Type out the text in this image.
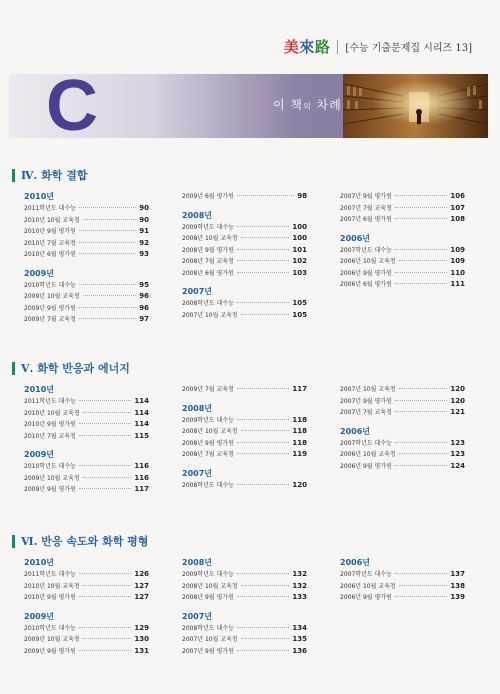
美來路 [수능 기출문제집 시리즈 13]
C	이 책의 차례
Ⅳ. 화학 결합
2010년
2011학년도 대수능	90
2010년 10월 교육청	90
2010년 9월 평가원	91
2010년 7월 교육청	92
2010년 6월 평가원	93
2009년
2010학년도 대수능	95
2009년 10월 교육청	96
2009년 9월 평가원	96
2009년 7월 교육청	97
2009년 6월 평가원	98
2008년
2009학년도 대수능	100
2008년 10월 교육청	100
2008년 9월 평가원	101
2008년 7월 교육청	102
2008년 6월 평가원	103
2007년
2008학년도 대수능	105
2007년 10월 교육청	105
2007년 9월 평가원	106
2007년 7월 교육청	107
2007년 6월 평가원	108
2006년
2007학년도 대수능	109
2006년 10월 교육청	109
2006년 9월 평가원	110
2006년 6월 평가원	111
Ⅴ. 화학 반응과 에너지
2010년
2011학년도 대수능	114
2010년 10월 교육청	114
2010년 9월 평가원	114
2010년 7월 교육청	115
2009년
2010학년도 대수능	116
2009년 10월 교육청	116
2009년 9월 평가원	117
2009년 7월 교육청	117
2008년
2009학년도 대수능	118
2008년 10월 교육청	118
2008년 9월 평가원	118
2008년 7월 교육청	119
2007년
2008학년도 대수능	120
2007년 10월 교육청	120
2007년 9월 평가원	120
2007년 7월 교육청	121
2006년
2007학년도 대수능	123
2006년 10월 교육청	123
2006년 9월 평가원	124
Ⅵ. 반응 속도와 화학 평형
2010년
2011학년도 대수능	126
2010년 10월 교육청	127
2010년 9월 평가원	127
2009년
2010학년도 대수능	129
2009년 10월 교육청	130
2009년 9월 평가원	131
2008년
2009학년도 대수능	132
2008년 10월 교육청	132
2008년 9월 평가원	133
2007년
2008학년도 대수능	134
2007년 10월 교육청	135
2007년 9월 평가원	136
2006년
2007학년도 대수능	137
2006년 10월 교육청	138
2006년 9월 평가원	139
